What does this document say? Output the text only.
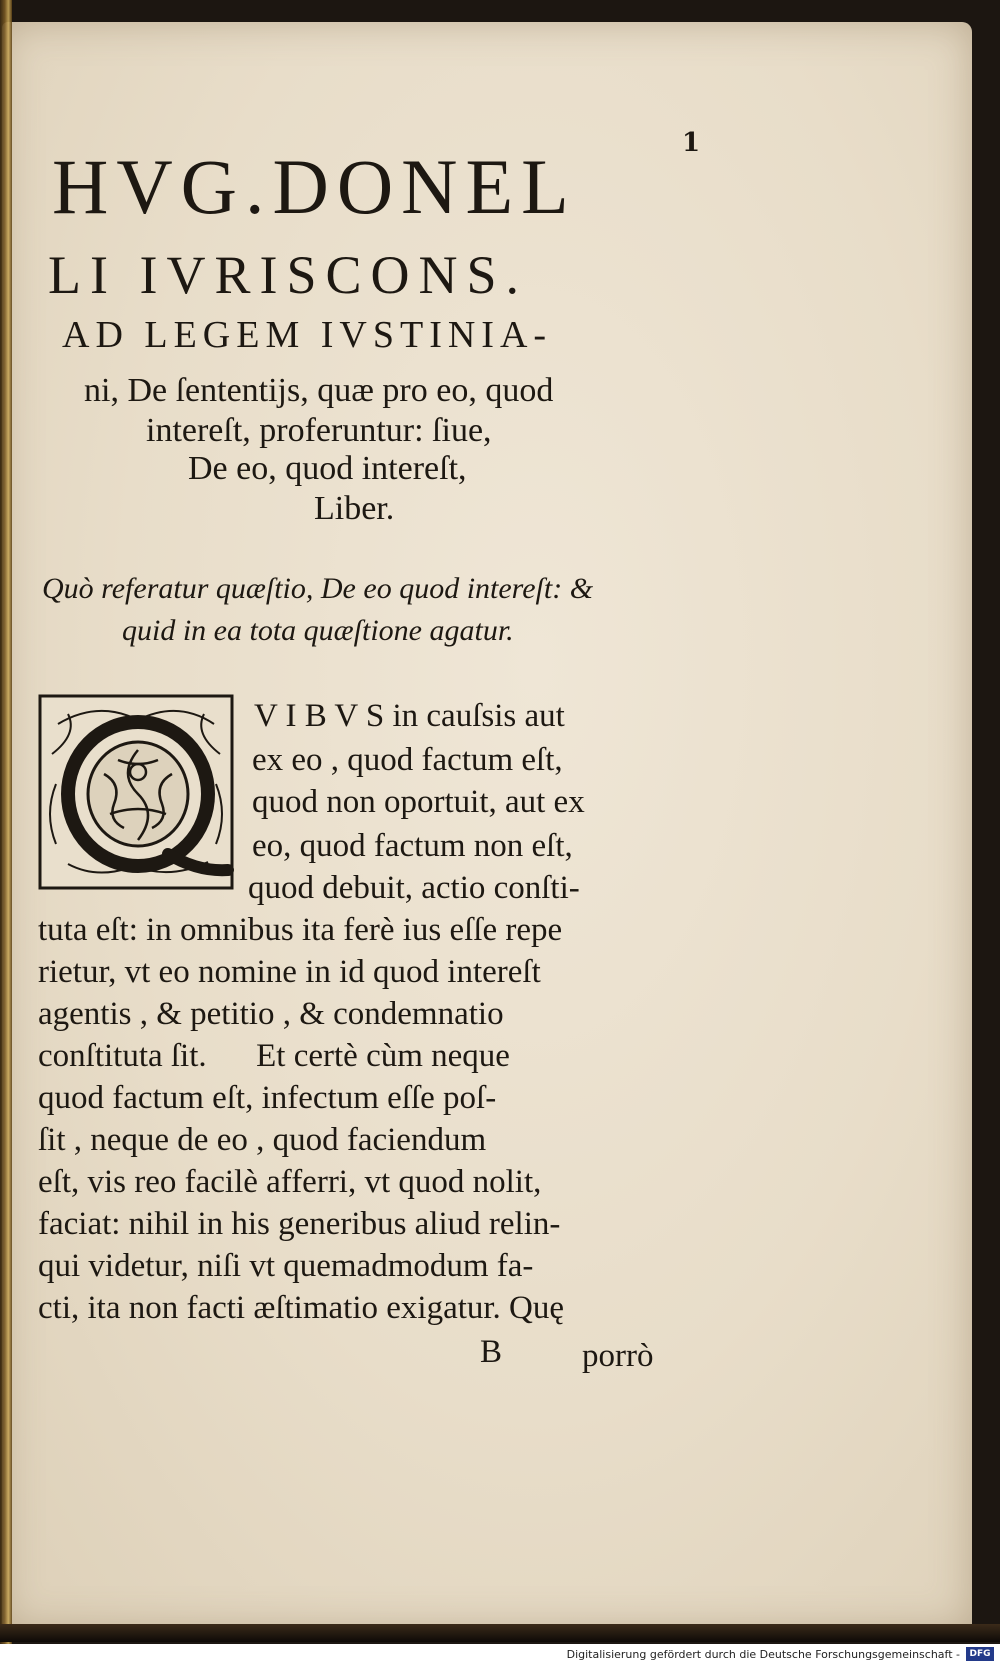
1
HVG.DONEL
LI IVRISCONS.
AD LEGEM IVSTINIA-
ni, De ſententijs, quæ pro eo, quod
intereſt, proferuntur: ſiue,
De eo, quod intereſt,
Liber.
Quò referatur quæſtio, De eo quod intereſt: &
quid in ea tota quæſtione agatur.
V I B V S in cauſsis aut
ex eo , quod factum eſt,
quod non oportuit, aut ex
eo, quod factum non eſt,
quod debuit, actio conſti-
tuta eſt: in omnibus ita ferè ius eſſe repe
rietur, vt eo nomine in id quod intereſt
agentis , & petitio , & condemnatio
conſtituta ſit.      Et certè cùm neque
quod factum eſt, infectum eſſe poſ-
ſit , neque de eo , quod faciendum
eſt, vis reo facilè afferri, vt quod nolit,
faciat: nihil in his generibus aliud relin-
qui videtur, niſi vt quemadmodum fa-
cti, ita non facti æſtimatio exigatur. Quę
B porrò
Digitalisierung gefördert durch die Deutsche Forschungsgemeinschaft -	DFG
